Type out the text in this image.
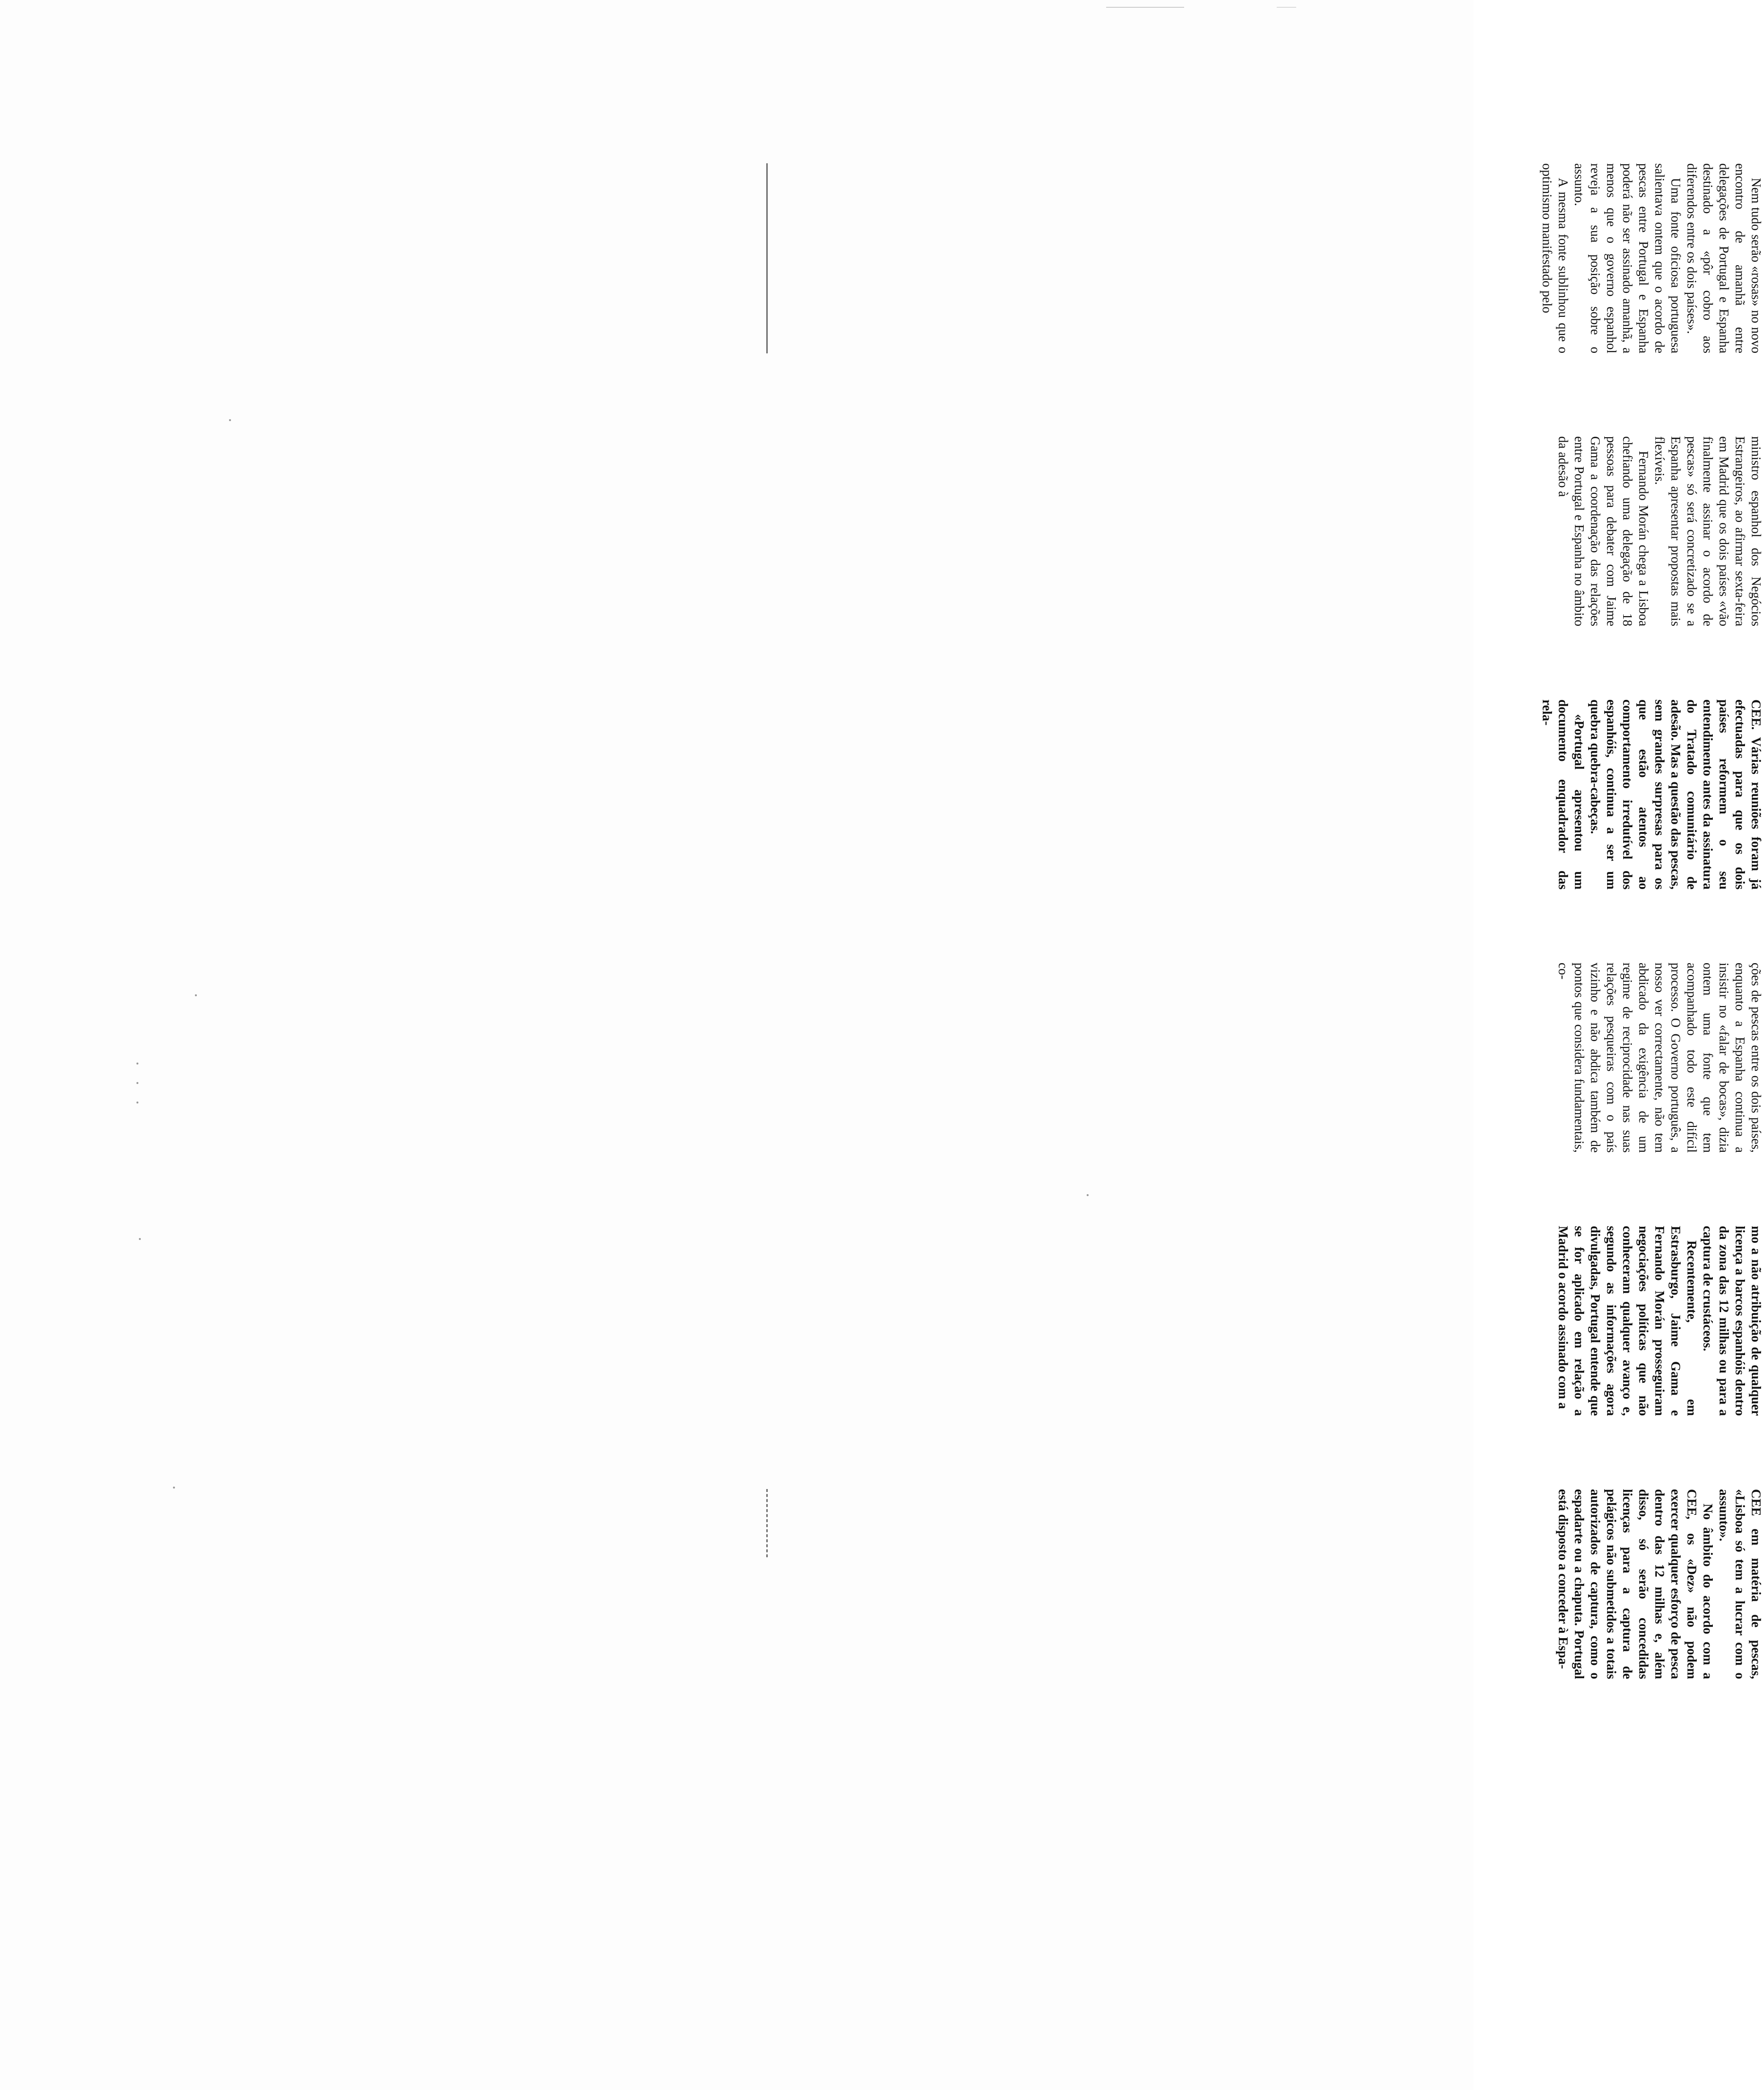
Nem tudo serão «rosas» no novo encontro de amanhã entre delegações de Portugal e Espanha destinado a «pôr cobro aos diferendos entre os dois países».

Uma fonte oficiosa portuguesa salientava ontem que o acordo de pescas entre Portugal e Espanha poderá não ser assinado amanhã, a menos que o governo espanhol reveja a sua posição sobre o assunto.

A mesma fonte sublinhou que o optimismo manifestado pelo

ministro espanhol dos Negócios Estrangeiros, ao afirmar sexta-feira em Madrid que os dois países «vão finalmente assinar o acordo de pescas» só será concretizado se a Espanha apresentar propostas mais flexíveis.

Fernando Morán chega a Lisboa chefiando uma delegação de 18 pessoas para debater com Jaime Gama a coordenação das relações entre Portugal e Espanha no âmbito da adesão à

CEE. Várias reuniões foram já efectuadas para que os dois países reformem o seu entendimento antes da assinatura do Tratado comunitário de adesão. Mas a questão das pescas, sem grandes surpresas para os que estão atentos ao comportamento irredutível dos espanhóis, continua a ser um quebra quebra-cabeças.

«Portugal apresentou um documento enquadrador das rela-

ções de pescas entre os dois países, enquanto a Espanha continua a insistir no «falar de bocas», dizia ontem uma fonte que tem acompanhado todo este difícil processo. O Governo português, a nosso ver correctamente, não tem abdicado da exigência de um regime de reciprocidade nas suas relações pesqueiras com o país vizinho e não abdica também de pontos que considera fundamentais, co-

mo a não atribuição de qualquer licença a barcos espanhóis dentro da zona das 12 milhas ou para a captura de crustáceos.

Recentemente, em Estrasburgo, Jaime Gama e Fernando Morán prosseguiram negociações políticas que não conheceram qualquer avanço e, segundo as informações agora divulgadas, Portugal entende que se for aplicado em relação a Madrid o acordo assinado com a

CEE em matéria de pescas, «Lisboa só tem a lucrar com o assunto».

No âmbito do acordo com a CEE, os «Dez» não podem exercer qualquer esforço de pesca dentro das 12 milhas e, além disso, só serão concedidas licenças para a captura de pelágicos não submetidos a totais autorizados de captura, como o espadarte ou a chaputa. Portugal está disposto a conceder à Espa-
